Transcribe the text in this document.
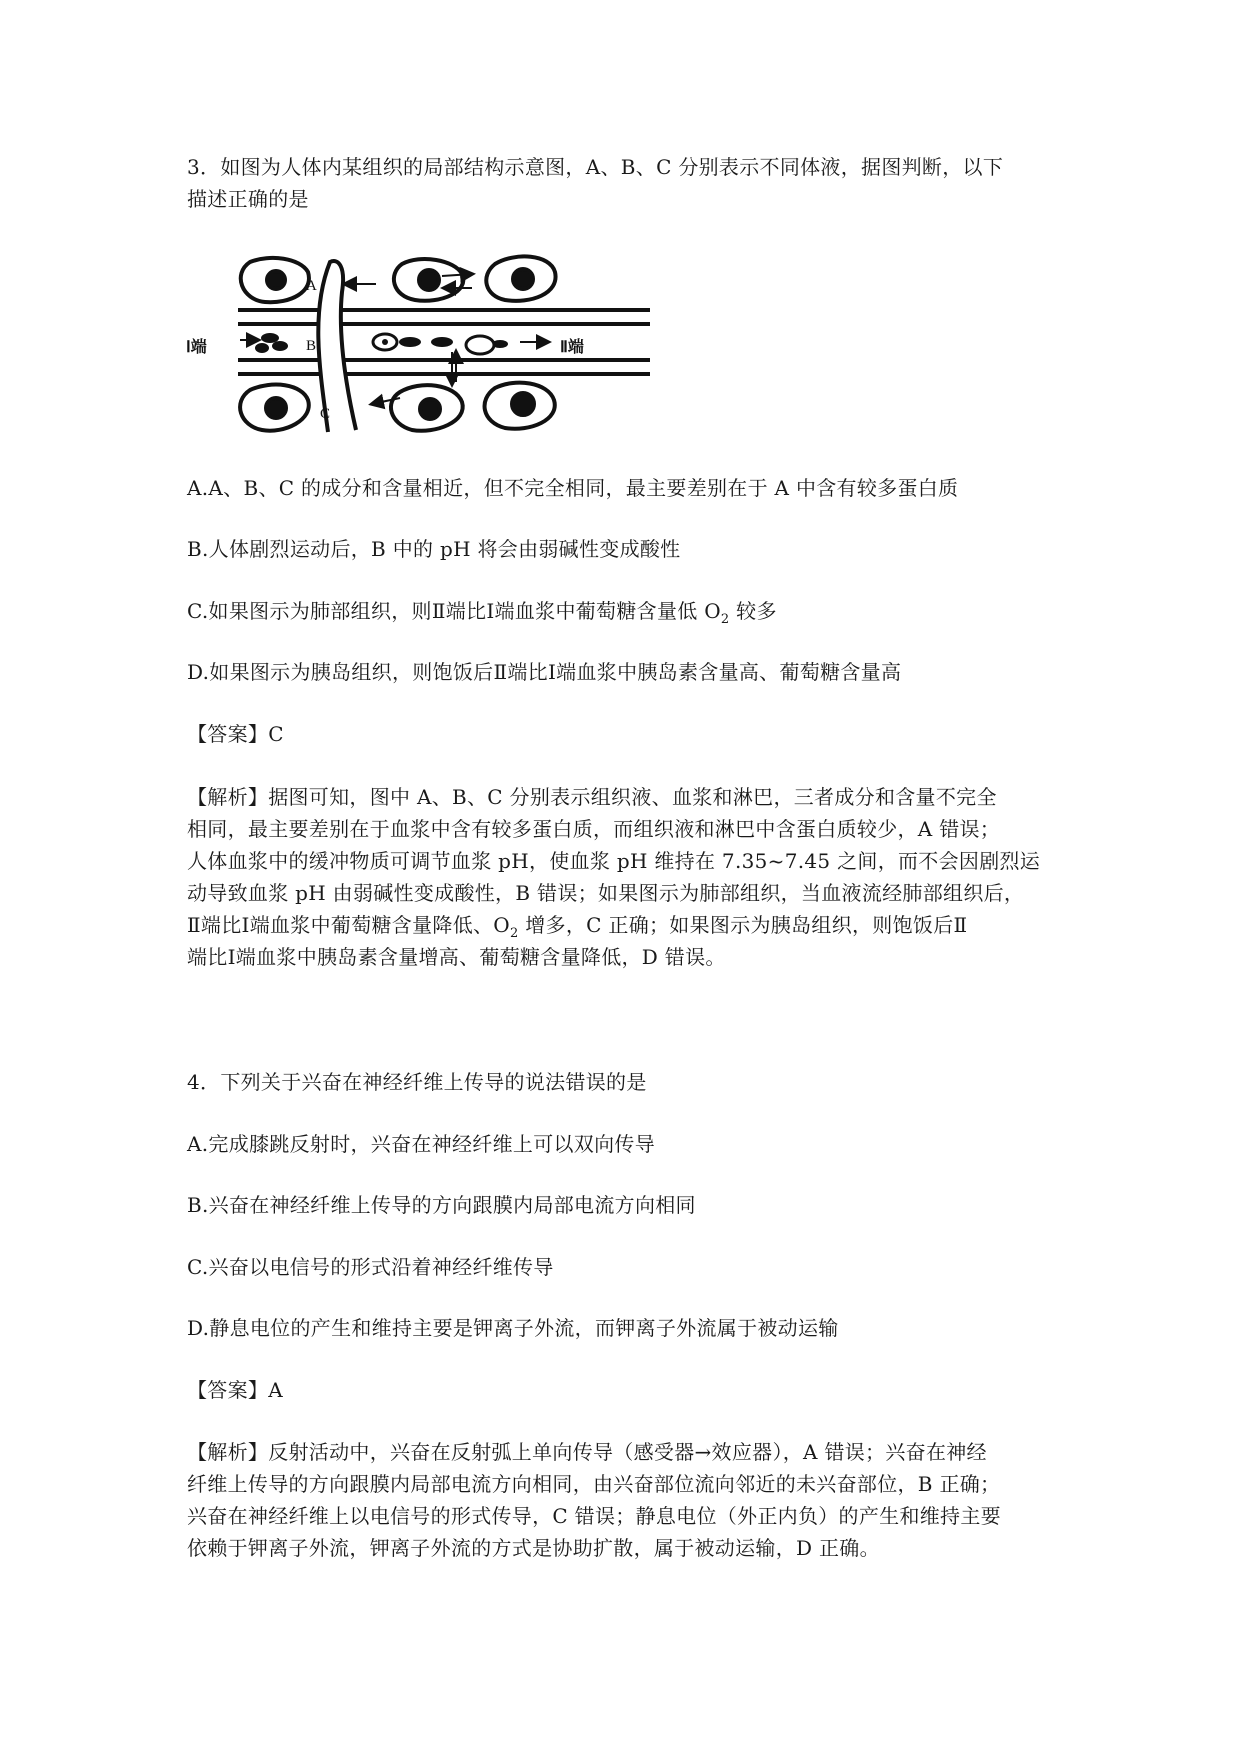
3．如图为人体内某组织的局部结构示意图，A、B、C 分别表示不同体液，据图判断，以下
描述正确的是
A
B
C
Ⅰ端	Ⅱ端
A.A、B、C 的成分和含量相近，但不完全相同，最主要差别在于 A 中含有较多蛋白质
B.人体剧烈运动后，B 中的 pH 将会由弱碱性变成酸性
C.如果图示为肺部组织，则Ⅱ端比Ⅰ端血浆中葡萄糖含量低 $O_2$ 较多
D.如果图示为胰岛组织，则饱饭后Ⅱ端比Ⅰ端血浆中胰岛素含量高、葡萄糖含量高
【答案】C
【解析】据图可知，图中 A、B、C 分别表示组织液、血浆和淋巴，三者成分和含量不完全
相同，最主要差别在于血浆中含有较多蛋白质，而组织液和淋巴中含蛋白质较少，A 错误；
人体血浆中的缓冲物质可调节血浆 pH，使血浆 pH 维持在 7.35~7.45 之间，而不会因剧烈运
动导致血浆 pH 由弱碱性变成酸性，B 错误；如果图示为肺部组织，当血液流经肺部组织后，
Ⅱ端比Ⅰ端血浆中葡萄糖含量降低、$O_2$ 增多，C 正确；如果图示为胰岛组织，则饱饭后Ⅱ
端比Ⅰ端血浆中胰岛素含量增高、葡萄糖含量降低，D 错误。
4．下列关于兴奋在神经纤维上传导的说法错误的是
A.完成膝跳反射时，兴奋在神经纤维上可以双向传导
B.兴奋在神经纤维上传导的方向跟膜内局部电流方向相同
C.兴奋以电信号的形式沿着神经纤维传导
D.静息电位的产生和维持主要是钾离子外流，而钾离子外流属于被动运输
【答案】A
【解析】反射活动中，兴奋在反射弧上单向传导（感受器→效应器），A 错误；兴奋在神经
纤维上传导的方向跟膜内局部电流方向相同，由兴奋部位流向邻近的未兴奋部位，B 正确；
兴奋在神经纤维上以电信号的形式传导，C 错误；静息电位（外正内负）的产生和维持主要
依赖于钾离子外流，钾离子外流的方式是协助扩散，属于被动运输，D 正确。
